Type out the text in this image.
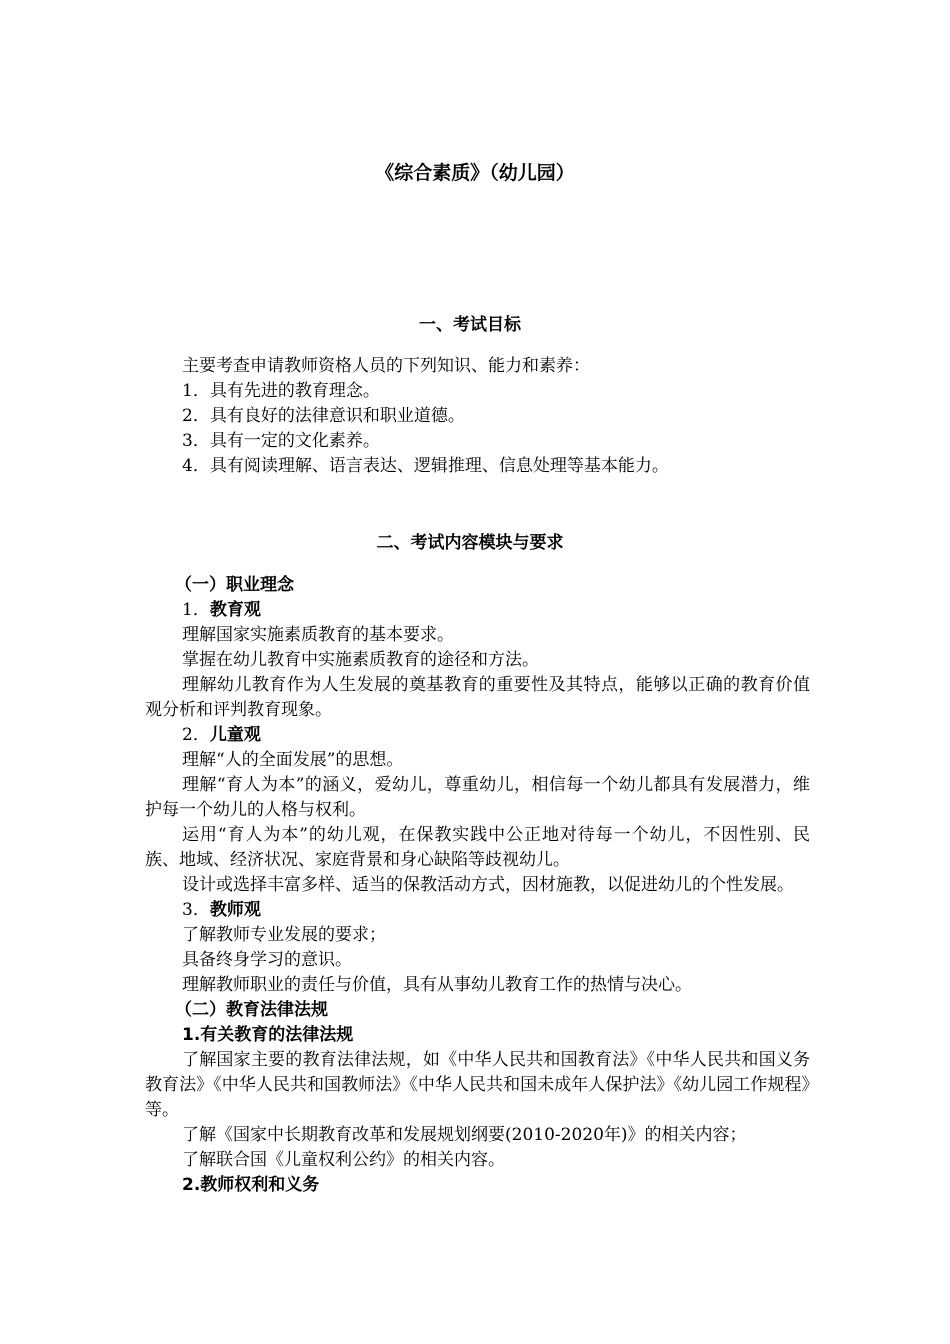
《综合素质》（幼儿园）
一、考试目标

主要考查申请教师资格人员的下列知识、能力和素养：

1．具有先进的教育理念。

2．具有良好的法律意识和职业道德。

3．具有一定的文化素养。

4．具有阅读理解、语言表达、逻辑推理、信息处理等基本能力。

二、考试内容模块与要求

（一）职业理念

1．教育观

理解国家实施素质教育的基本要求。

掌握在幼儿教育中实施素质教育的途径和方法。

理解幼儿教育作为人生发展的奠基教育的重要性及其特点，能够以正确的教育价值观分析和评判教育现象。

2．儿童观

理解“人的全面发展”的思想。

理解“育人为本”的涵义，爱幼儿，尊重幼儿，相信每一个幼儿都具有发展潜力，维护每一个幼儿的人格与权利。

运用“育人为本”的幼儿观，在保教实践中公正地对待每一个幼儿，不因性别、民族、地域、经济状况、家庭背景和身心缺陷等歧视幼儿。

设计或选择丰富多样、适当的保教活动方式，因材施教，以促进幼儿的个性发展。

3．教师观

了解教师专业发展的要求；

具备终身学习的意识。

理解教师职业的责任与价值，具有从事幼儿教育工作的热情与决心。

（二）教育法律法规

1.有关教育的法律法规

了解国家主要的教育法律法规，如《中华人民共和国教育法》《中华人民共和国义务教育法》《中华人民共和国教师法》《中华人民共和国未成年人保护法》《幼儿园工作规程》等。

了解《国家中长期教育改革和发展规划纲要(2010-2020年)》的相关内容；

了解联合国《儿童权利公约》的相关内容。

2.教师权利和义务
